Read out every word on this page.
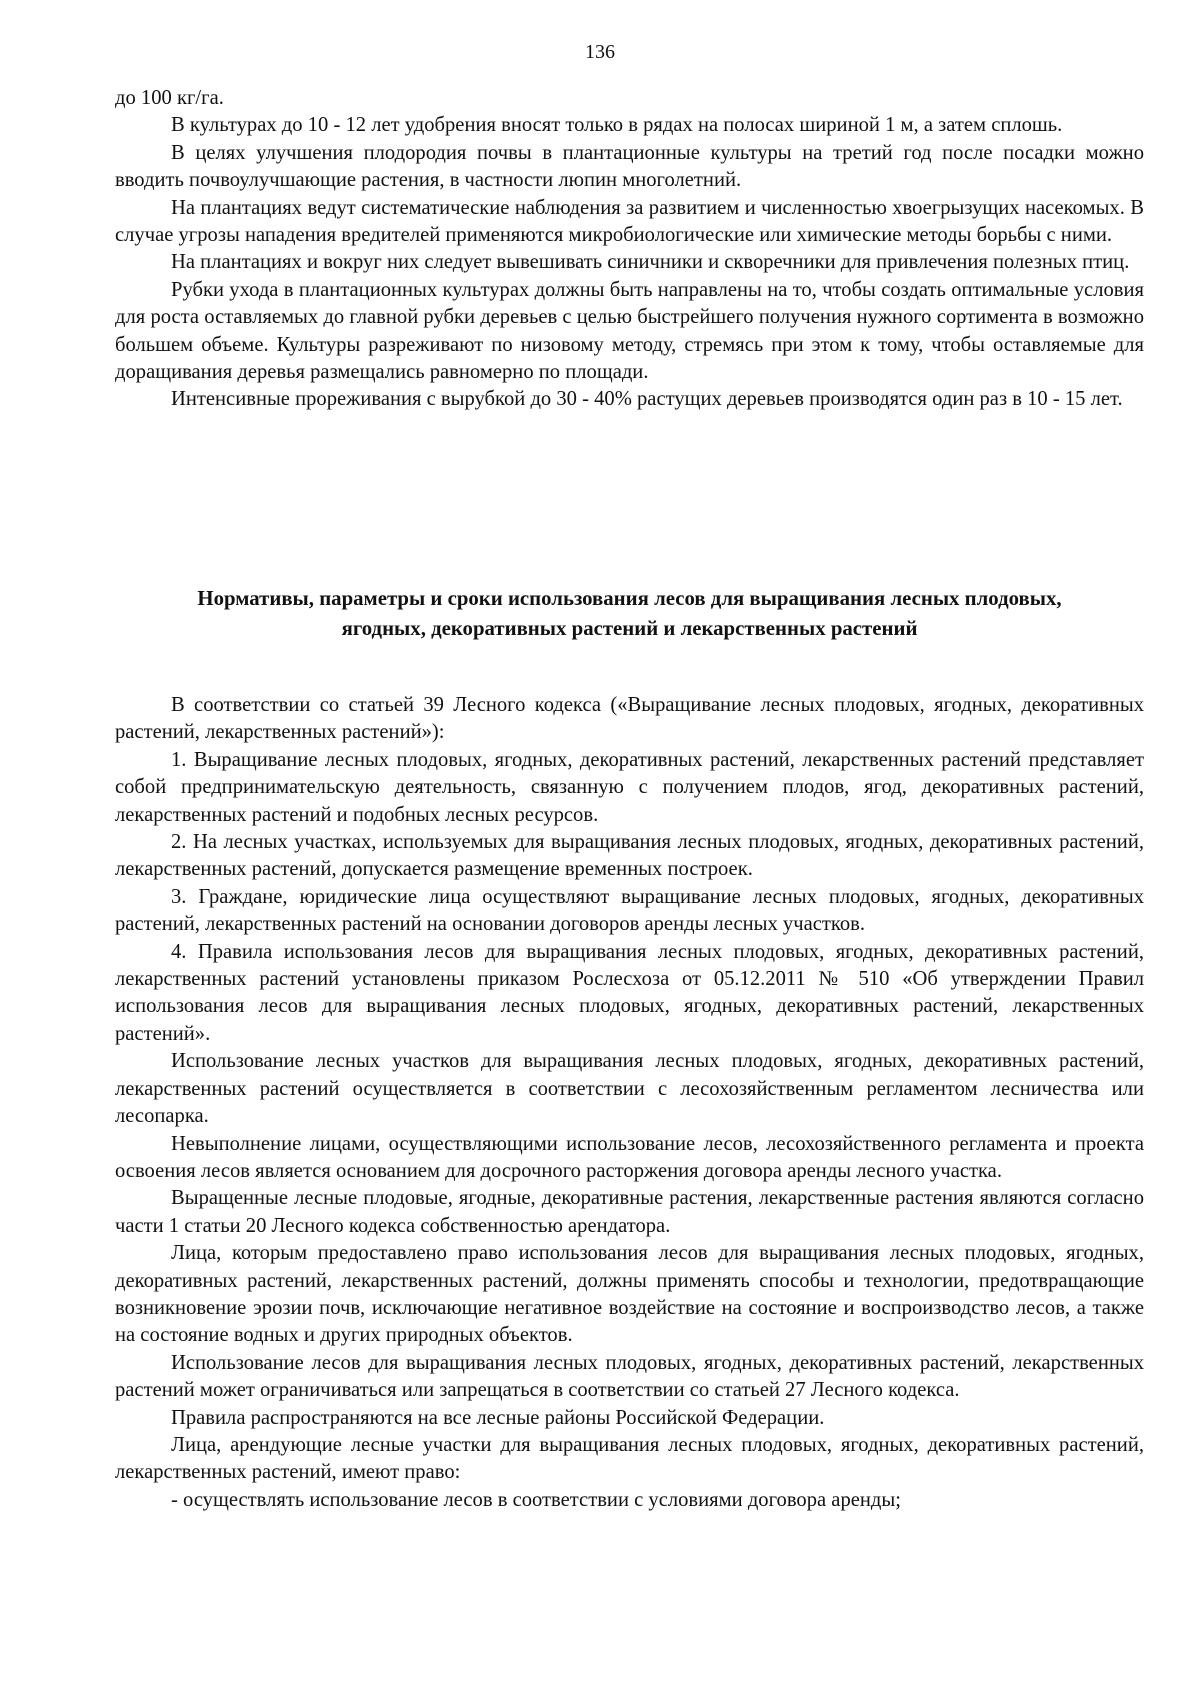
136

до 100 кг/га.

В культурах до 10 - 12 лет удобрения вносят только в рядах на полосах шириной 1 м, а затем сплошь.

В целях улучшения плодородия почвы в плантационные культуры на третий год после посадки можно вводить почвоулучшающие растения, в частности люпин многолетний.

На плантациях ведут систематические наблюдения за развитием и численностью хвоегрызущих насекомых. В случае угрозы нападения вредителей применяются микробиологические или химические методы борьбы с ними.

На плантациях и вокруг них следует вывешивать синичники и скворечники для привлечения полезных птиц.

Рубки ухода в плантационных культурах должны быть направлены на то, чтобы создать оптимальные условия для роста оставляемых до главной рубки деревьев с целью быстрейшего получения нужного сортимента в возможно большем объеме. Культуры разреживают по низовому методу, стремясь при этом к тому, чтобы оставляемые для доращивания деревья размещались равномерно по площади.

Интенсивные прореживания с вырубкой до 30 - 40% растущих деревьев производятся один раз в 10 - 15 лет.

Нормативы, параметры и сроки использования лесов для выращивания лесных плодовых,
ягодных, декоративных растений и лекарственных растений

В соответствии со статьей 39 Лесного кодекса («Выращивание лесных плодовых, ягодных, декоративных растений, лекарственных растений»):

1. Выращивание лесных плодовых, ягодных, декоративных растений, лекарственных растений представляет собой предпринимательскую деятельность, связанную с получением плодов, ягод, декоративных растений, лекарственных растений и подобных лесных ресурсов.

2. На лесных участках, используемых для выращивания лесных плодовых, ягодных, декоративных растений, лекарственных растений, допускается размещение временных построек.

3. Граждане, юридические лица осуществляют выращивание лесных плодовых, ягодных, декоративных растений, лекарственных растений на основании договоров аренды лесных участков.

4. Правила использования лесов для выращивания лесных плодовых, ягодных, декоративных растений, лекарственных растений установлены приказом Рослесхоза от 05.12.2011 № 510 «Об утверждении Правил использования лесов для выращивания лесных плодовых, ягодных, декоративных растений, лекарственных растений».

Использование лесных участков для выращивания лесных плодовых, ягодных, декоративных растений, лекарственных растений осуществляется в соответствии с лесохозяйственным регламентом лесничества или лесопарка.

Невыполнение лицами, осуществляющими использование лесов, лесохозяйственного регламента и проекта освоения лесов является основанием для досрочного расторжения договора аренды лесного участка.

Выращенные лесные плодовые, ягодные, декоративные растения, лекарственные растения являются согласно части 1 статьи 20 Лесного кодекса собственностью арендатора.

Лица, которым предоставлено право использования лесов для выращивания лесных плодовых, ягодных, декоративных растений, лекарственных растений, должны применять способы и технологии, предотвращающие возникновение эрозии почв, исключающие негативное воздействие на состояние и воспроизводство лесов, а также на состояние водных и других природных объектов.

Использование лесов для выращивания лесных плодовых, ягодных, декоративных растений, лекарственных растений может ограничиваться или запрещаться в соответствии со статьей 27 Лесного кодекса.

Правила распространяются на все лесные районы Российской Федерации.

Лица, арендующие лесные участки для выращивания лесных плодовых, ягодных, декоративных растений, лекарственных растений, имеют право:

- осуществлять использование лесов в соответствии с условиями договора аренды;
